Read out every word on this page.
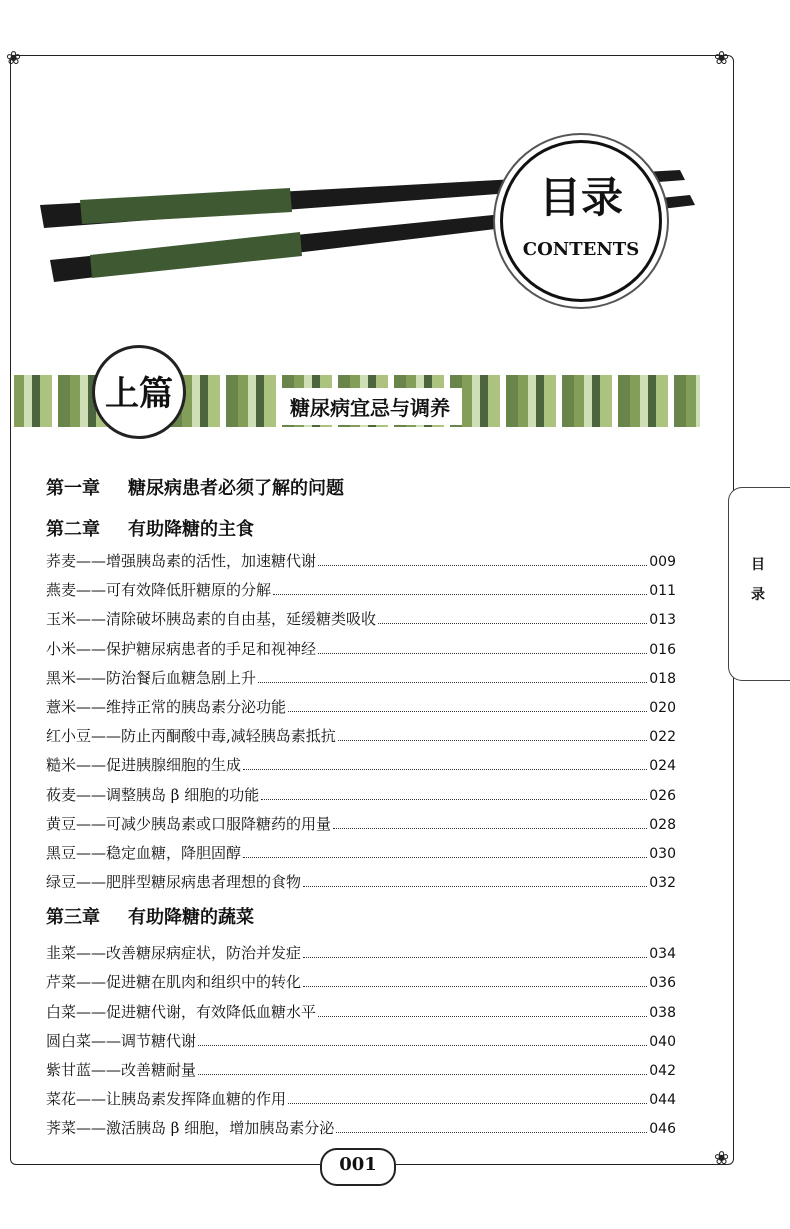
❀	❀
❀
目录
CONTENTS
上篇	糖尿病宜忌与调养
目
录
第一章 糖尿病患者必须了解的问题
第二章 有助降糖的主食
荞麦——增强胰岛素的活性，加速糖代谢	009
燕麦——可有效降低肝糖原的分解	011
玉米——清除破坏胰岛素的自由基，延缓糖类吸收	013
小米——保护糖尿病患者的手足和视神经	016
黑米——防治餐后血糖急剧上升	018
薏米——维持正常的胰岛素分泌功能	020
红小豆——防止丙酮酸中毒,减轻胰岛素抵抗	022
糙米——促进胰腺细胞的生成	024
莜麦——调整胰岛 β 细胞的功能	026
黄豆——可减少胰岛素或口服降糖药的用量	028
黑豆——稳定血糖，降胆固醇	030
绿豆——肥胖型糖尿病患者理想的食物	032
第三章 有助降糖的蔬菜
韭菜——改善糖尿病症状，防治并发症	034
芹菜——促进糖在肌肉和组织中的转化	036
白菜——促进糖代谢，有效降低血糖水平	038
圆白菜——调节糖代谢	040
紫甘蓝——改善糖耐量	042
菜花——让胰岛素发挥降血糖的作用	044
荠菜——激活胰岛 β 细胞，增加胰岛素分泌	046
001
